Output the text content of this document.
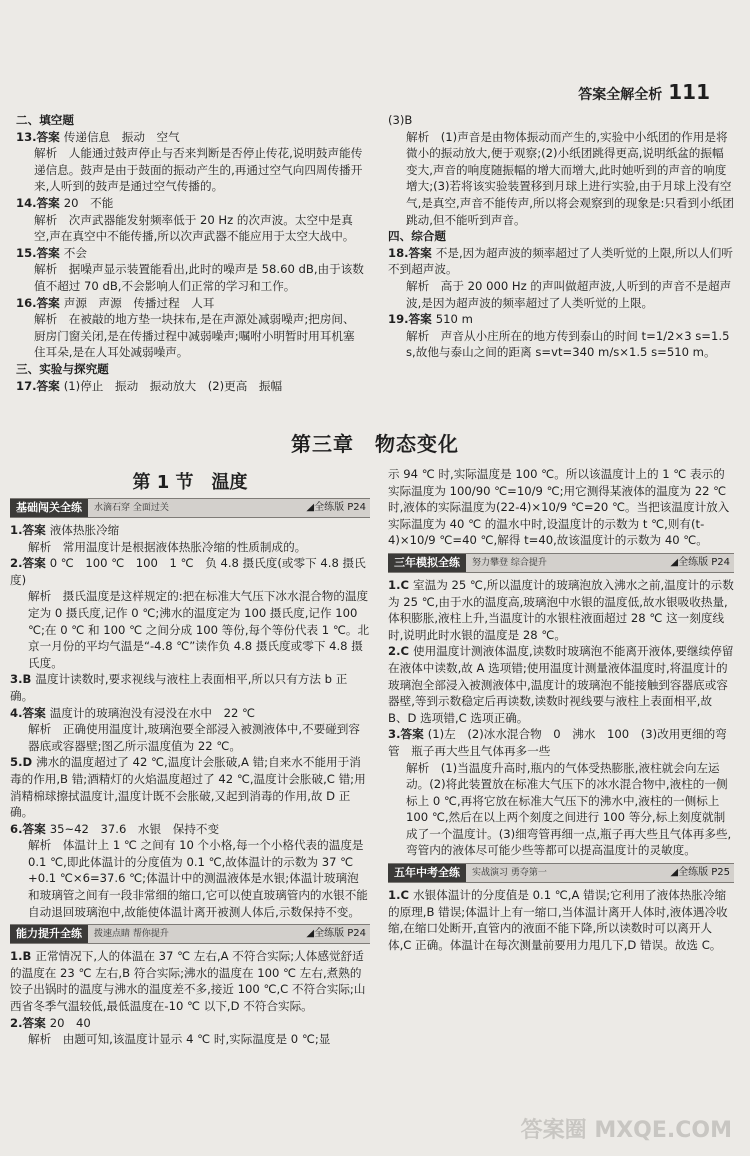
答案全解全析 111

二、填空题

13.答案 传递信息　振动　空气

解析　人能通过鼓声停止与否来判断是否停止传花,说明鼓声能传递信息。鼓声是由于鼓面的振动产生的,再通过空气向四周传播开来,人听到的鼓声是通过空气传播的。

14.答案 20　不能

解析　次声武器能发射频率低于 20 Hz 的次声波。太空中是真空,声在真空中不能传播,所以次声武器不能应用于太空大战中。

15.答案 不会

解析　据噪声显示装置能看出,此时的噪声是 58.60 dB,由于该数值不超过 70 dB,不会影响人们正常的学习和工作。

16.答案 声源　声源　传播过程　人耳

解析　在被敲的地方垫一块抹布,是在声源处减弱噪声;把房间、厨房门窗关闭,是在传播过程中减弱噪声;嘱咐小明暂时用耳机塞住耳朵,是在人耳处减弱噪声。

三、实验与探究题

17.答案 (1)停止　振动　振动放大　(2)更高　振幅

(3)B

解析　(1)声音是由物体振动而产生的,实验中小纸团的作用是将微小的振动放大,便于观察;(2)小纸团跳得更高,说明纸盆的振幅变大,声音的响度随振幅的增大而增大,此时她听到的声音的响度增大;(3)若将该实验装置移到月球上进行实验,由于月球上没有空气,是真空,声音不能传声,所以将会观察到的现象是:只看到小纸团跳动,但不能听到声音。

四、综合题

18.答案 不是,因为超声波的频率超过了人类听觉的上限,所以人们听不到超声波。

解析　高于 20 000 Hz 的声叫做超声波,人听到的声音不是超声波,是因为超声波的频率超过了人类听觉的上限。

19.答案 510 m

解析　声音从小庄所在的地方传到泰山的时间 t=1/2×3 s=1.5 s,故他与泰山之间的距离 s=vt=340 m/s×1.5 s=510 m。

第三章　物态变化
第 1 节　温度
基础闯关全练	水滴石穿 全面过关	◢全练版 P24

1.答案 液体热胀冷缩

解析　常用温度计是根据液体热胀冷缩的性质制成的。

2.答案 0 ℃　100 ℃　100　1 ℃　负 4.8 摄氏度(或零下 4.8 摄氏度)

解析　摄氏温度是这样规定的:把在标准大气压下冰水混合物的温度定为 0 摄氏度,记作 0 ℃;沸水的温度定为 100 摄氏度,记作 100 ℃;在 0 ℃ 和 100 ℃ 之间分成 100 等份,每个等份代表 1 ℃。北京一月份的平均气温是“-4.8 ℃”读作负 4.8 摄氏度或零下 4.8 摄氏度。

3.B 温度计读数时,要求视线与液柱上表面相平,所以只有方法 b 正确。

4.答案 温度计的玻璃泡没有浸没在水中　22 ℃

解析　正确使用温度计,玻璃泡要全部浸入被测液体中,不要碰到容器底或容器壁;图乙所示温度值为 22 ℃。

5.D 沸水的温度超过了 42 ℃,温度计会胀破,A 错;自来水不能用于消毒的作用,B 错;酒精灯的火焰温度超过了 42 ℃,温度计会胀破,C 错;用消精棉球擦拭温度计,温度计既不会胀破,又起到消毒的作用,故 D 正确。

6.答案 35~42　37.6　水银　保持不变

解析　体温计上 1 ℃ 之间有 10 个小格,每一个小格代表的温度是 0.1 ℃,即此体温计的分度值为 0.1 ℃,故体温计的示数为 37 ℃+0.1 ℃×6=37.6 ℃;体温计中的测温液体是水银;体温计玻璃泡和玻璃管之间有一段非常细的缩口,它可以使直玻璃管内的水银不能自动退回玻璃泡中,故能使体温计离开被测人体后,示数保持不变。

能力提升全练	拨速点睛 帮你提升	◢全练版 P24

1.B 正常情况下,人的体温在 37 ℃ 左右,A 不符合实际;人体感觉舒适的温度在 23 ℃ 左右,B 符合实际;沸水的温度在 100 ℃ 左右,煮熟的饺子出锅时的温度与沸水的温度差不多,接近 100 ℃,C 不符合实际;山西省冬季气温较低,最低温度在-10 ℃ 以下,D 不符合实际。

2.答案 20　40

解析　由题可知,该温度计显示 4 ℃ 时,实际温度是 0 ℃;显

示 94 ℃ 时,实际温度是 100 ℃。所以该温度计上的 1 ℃ 表示的实际温度为 100/90 ℃=10/9 ℃;用它测得某液体的温度为 22 ℃ 时,液体的实际温度为(22-4)×10/9 ℃=20 ℃。当把该温度计放入实际温度为 40 ℃ 的温水中时,设温度计的示数为 t ℃,则有(t-4)×10/9 ℃=40 ℃,解得 t=40,故该温度计的示数为 40 ℃。

三年模拟全练	努力攀登 综合提升	◢全练版 P24

1.C 室温为 25 ℃,所以温度计的玻璃泡放入沸水之前,温度计的示数为 25 ℃,由于水的温度高,玻璃泡中水银的温度低,故水银吸收热量,体积膨胀,液柱上升,当温度计的水银柱液面超过 28 ℃ 这一刻度线时,说明此时水银的温度是 28 ℃。

2.C 使用温度计测液体温度,读数时玻璃泡不能离开液体,要继续停留在液体中读数,故 A 选项错;使用温度计测量液体温度时,将温度计的玻璃泡全部浸入被测液体中,温度计的玻璃泡不能接触到容器底或容器壁,等到示数稳定后再读数,读数时视线要与液柱上表面相平,故 B、D 选项错,C 选项正确。

3.答案 (1)左　(2)冰水混合物　0　沸水　100　(3)改用更细的弯管　瓶子再大些且气体再多一些

解析　(1)当温度升高时,瓶内的气体受热膨胀,液柱就会向左运动。(2)将此装置放在标准大气压下的冰水混合物中,液柱的一侧标上 0 ℃,再将它放在标准大气压下的沸水中,液柱的一侧标上 100 ℃,然后在以上两个刻度之间进行 100 等分,标上刻度就制成了一个温度计。(3)细弯管再细一点,瓶子再大些且气体再多些,弯管内的液体尽可能少些等都可以提高温度计的灵敏度。

五年中考全练	实战演习 勇夺第一	◢全练版 P25

1.C 水银体温计的分度值是 0.1 ℃,A 错误;它利用了液体热胀冷缩的原理,B 错误;体温计上有一缩口,当体温计离开人体时,液体遇冷收缩,在缩口处断开,直管内的液面不能下降,所以读数时可以离开人体,C 正确。体温计在每次测量前要用力甩几下,D 错误。故选 C。

答案圈 MXQE.COM
